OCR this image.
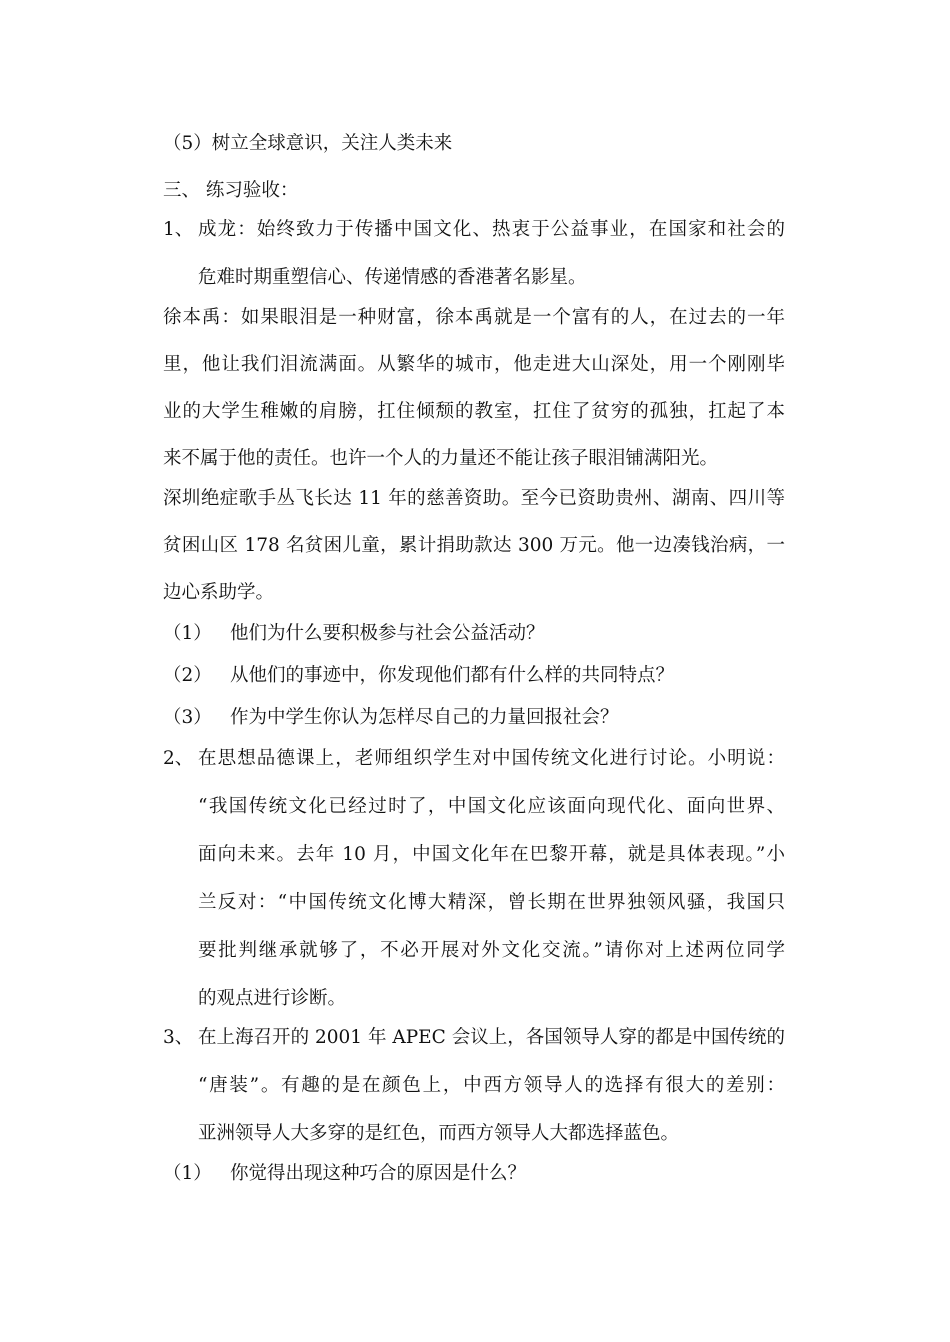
（5）树立全球意识，关注人类未来
三、 练习验收：
1、 成龙：始终致力于传播中国文化、热衷于公益事业，在国家和社会的
危难时期重塑信心、传递情感的香港著名影星。
徐本禹：如果眼泪是一种财富，徐本禹就是一个富有的人，在过去的一年
里，他让我们泪流满面。从繁华的城市，他走进大山深处，用一个刚刚毕
业的大学生稚嫩的肩膀，扛住倾颓的教室，扛住了贫穷的孤独，扛起了本
来不属于他的责任。也许一个人的力量还不能让孩子眼泪铺满阳光。
深圳绝症歌手丛飞长达 11 年的慈善资助。至今已资助贵州、湖南、四川等
贫困山区 178 名贫困儿童，累计捐助款达 300 万元。他一边凑钱治病，一
边心系助学。
（1） 他们为什么要积极参与社会公益活动？
（2） 从他们的事迹中，你发现他们都有什么样的共同特点？
（3） 作为中学生你认为怎样尽自己的力量回报社会？
2、 在思想品德课上，老师组织学生对中国传统文化进行讨论。小明说：
“我国传统文化已经过时了，中国文化应该面向现代化、面向世界、
面向未来。去年 10 月，中国文化年在巴黎开幕，就是具体表现。”小
兰反对：“中国传统文化博大精深，曾长期在世界独领风骚，我国只
要批判继承就够了，不必开展对外文化交流。”请你对上述两位同学
的观点进行诊断。
3、 在上海召开的 2001 年 APEC 会议上，各国领导人穿的都是中国传统的
“唐装”。有趣的是在颜色上，中西方领导人的选择有很大的差别：
亚洲领导人大多穿的是红色，而西方领导人大都选择蓝色。
（1） 你觉得出现这种巧合的原因是什么？
